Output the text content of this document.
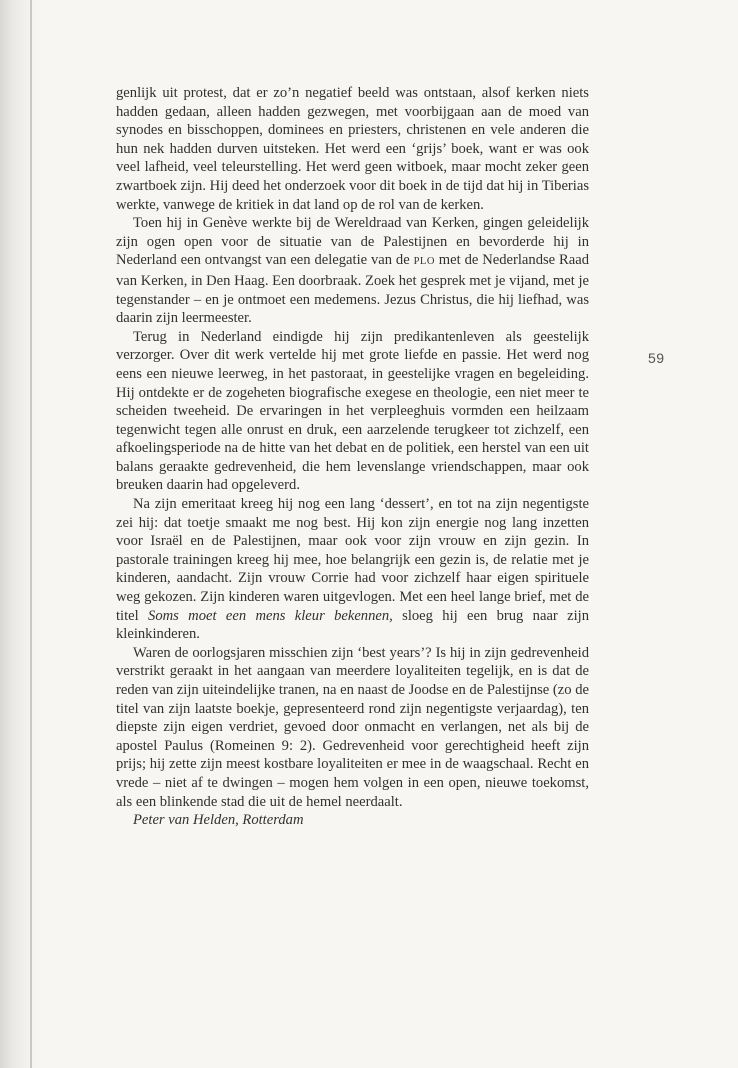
genlijk uit protest, dat er zo’n negatief beeld was ontstaan, alsof kerken niets hadden gedaan, alleen hadden gezwegen, met voorbijgaan aan de moed van synodes en bisschoppen, dominees en priesters, christenen en vele anderen die hun nek hadden durven uitsteken. Het werd een ‘grijs’ boek, want er was ook veel lafheid, veel teleurstelling. Het werd geen witboek, maar mocht zeker geen zwartboek zijn. Hij deed het onderzoek voor dit boek in de tijd dat hij in Tiberias werkte, vanwege de kritiek in dat land op de rol van de kerken.

Toen hij in Genève werkte bij de Wereldraad van Kerken, gingen geleidelijk zijn ogen open voor de situatie van de Palestijnen en bevorderde hij in Nederland een ontvangst van een delegatie van de PLO met de Nederlandse Raad van Kerken, in Den Haag. Een doorbraak. Zoek het gesprek met je vijand, met je tegenstander – en je ontmoet een medemens. Jezus Christus, die hij liefhad, was daarin zijn leermeester.

Terug in Nederland eindigde hij zijn predikantenleven als geestelijk verzorger. Over dit werk vertelde hij met grote liefde en passie. Het werd nog eens een nieuwe leerweg, in het pastoraat, in geestelijke vragen en begeleiding. Hij ontdekte er de zogeheten biografische exegese en theologie, een niet meer te scheiden tweeheid. De ervaringen in het verpleeghuis vormden een heilzaam tegenwicht tegen alle onrust en druk, een aarzelende terugkeer tot zichzelf, een afkoelingsperiode na de hitte van het debat en de politiek, een herstel van een uit balans geraakte gedrevenheid, die hem levenslange vriendschappen, maar ook breuken daarin had opgeleverd.

Na zijn emeritaat kreeg hij nog een lang ‘dessert’, en tot na zijn negentigste zei hij: dat toetje smaakt me nog best. Hij kon zijn energie nog lang inzetten voor Israël en de Palestijnen, maar ook voor zijn vrouw en zijn gezin. In pastorale trainingen kreeg hij mee, hoe belangrijk een gezin is, de relatie met je kinderen, aandacht. Zijn vrouw Corrie had voor zichzelf haar eigen spirituele weg gekozen. Zijn kinderen waren uitgevlogen. Met een heel lange brief, met de titel Soms moet een mens kleur bekennen, sloeg hij een brug naar zijn kleinkinderen.

Waren de oorlogsjaren misschien zijn ‘best years’? Is hij in zijn gedrevenheid verstrikt geraakt in het aangaan van meerdere loyaliteiten tegelijk, en is dat de reden van zijn uiteindelijke tranen, na en naast de Joodse en de Palestijnse (zo de titel van zijn laatste boekje, gepresenteerd rond zijn negentigste verjaardag), ten diepste zijn eigen verdriet, gevoed door onmacht en verlangen, net als bij de apostel Paulus (Romeinen 9: 2). Gedrevenheid voor gerechtigheid heeft zijn prijs; hij zette zijn meest kostbare loyaliteiten er mee in de waagschaal. Recht en vrede – niet af te dwingen – mogen hem volgen in een open, nieuwe toekomst, als een blinkende stad die uit de hemel neerdaalt.

Peter van Helden, Rotterdam

59
